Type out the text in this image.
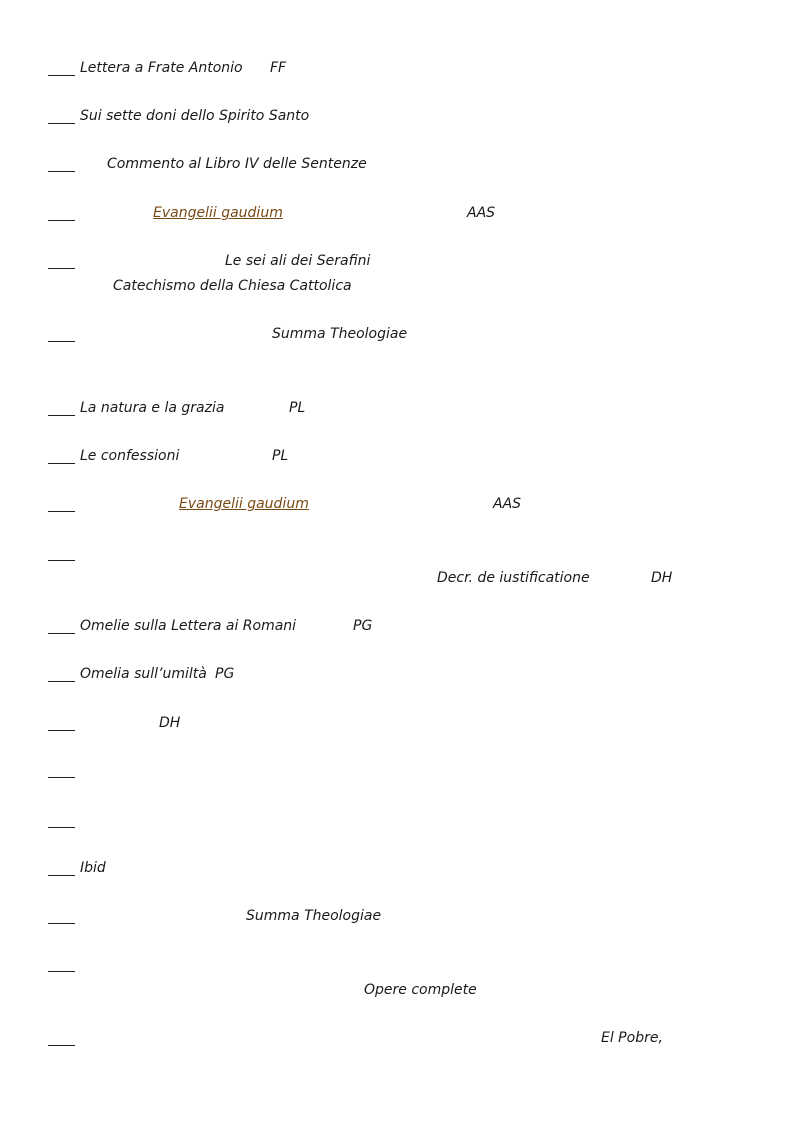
Lettera a Frate Antonio FF
Sui sette doni dello Spirito Santo
Commento al Libro IV delle Sentenze
Evangelii gaudium	AAS
Le sei ali dei Serafini
Catechismo della Chiesa Cattolica
Summa Theologiae
La natura e la grazia	PL
Le confessioni	PL
Evangelii gaudium	AAS
Decr. de iustificatione	DH
Omelie sulla Lettera ai Romani	PG
Omelia sull’umiltà PG
DH
Ibid
Summa Theologiae
Opere complete
El Pobre,
